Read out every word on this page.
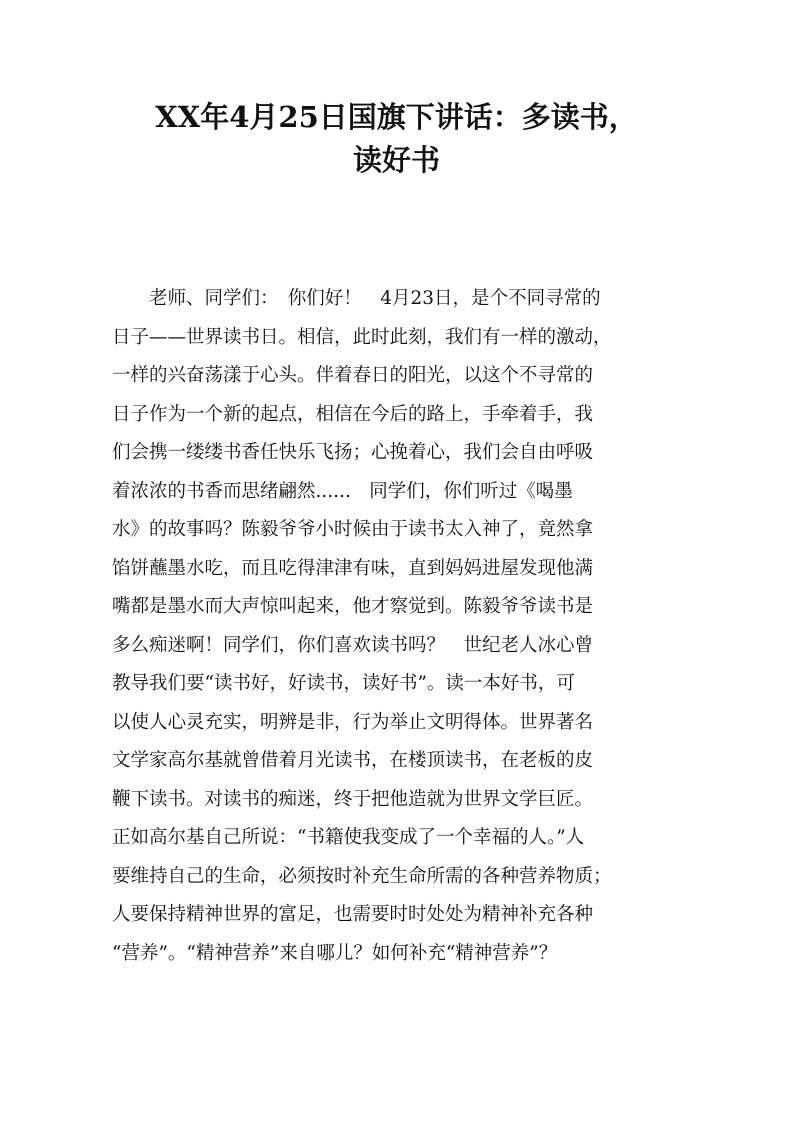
XX年4月25日国旗下讲话：多读书，
读好书
　　老师、同学们：　你们好！　4月23日，是个不同寻常的
日子——世界读书日。相信，此时此刻，我们有一样的激动，
一样的兴奋荡漾于心头。伴着春日的阳光，以这个不寻常的
日子作为一个新的起点，相信在今后的路上，手牵着手，我
们会携一缕缕书香任快乐飞扬；心挽着心，我们会自由呼吸
着浓浓的书香而思绪翩然......　同学们，你们听过《喝墨
水》的故事吗？陈毅爷爷小时候由于读书太入神了，竟然拿
馅饼蘸墨水吃，而且吃得津津有味，直到妈妈进屋发现他满
嘴都是墨水而大声惊叫起来，他才察觉到。陈毅爷爷读书是
多么痴迷啊！同学们，你们喜欢读书吗？　世纪老人冰心曾
教导我们要“读书好，好读书，读好书”。读一本好书，可
以使人心灵充实，明辨是非，行为举止文明得体。世界著名
文学家高尔基就曾借着月光读书，在楼顶读书，在老板的皮
鞭下读书。对读书的痴迷，终于把他造就为世界文学巨匠。
正如高尔基自己所说：“书籍使我变成了一个幸福的人。”人
要维持自己的生命，必须按时补充生命所需的各种营养物质；
人要保持精神世界的富足，也需要时时处处为精神补充各种
“营养”。“精神营养”来自哪儿？如何补充“精神营养”？
